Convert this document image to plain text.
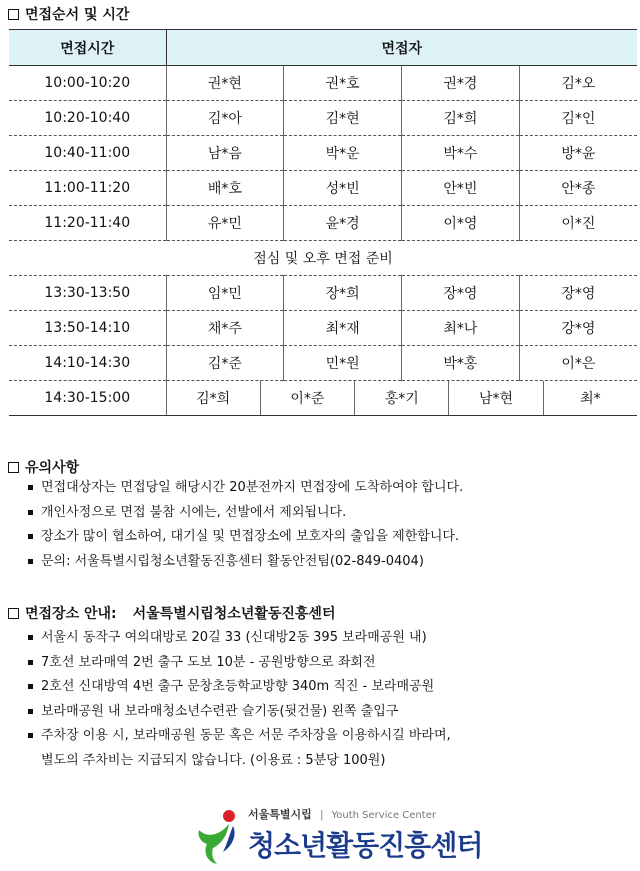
면접순서 및 시간
면접시간	면접자			
10:00-10:20	권*현	권*호	권*경	김*오
10:20-10:40	김*아	김*현	김*희	김*인
10:40-11:00	남*음	박*운	박*수	방*윤
11:00-11:20	배*호	성*빈	안*빈	안*종
11:20-11:40	유*민	윤*경	이*영	이*진
점심 및 오후 면접 준비				
13:30-13:50	임*민	장*희	장*영	장*영
13:50-14:10	채*주	최*재	최*나	강*영
14:10-14:30	김*준	민*원	박*홍	이*은
14:30-15:00	김*희 이*준 홍*기 남*현 최*			
유의사항
면접대상자는 면접당일 해당시간 20분전까지 면접장에 도착하여야 합니다.
개인사정으로 면접 불참 시에는, 선발에서 제외됩니다.
장소가 많이 협소하여, 대기실 및 면접장소에 보호자의 출입을 제한합니다.
문의: 서울특별시립청소년활동진흥센터 활동안전팀(02-849-0404)
면접장소 안내: 서울특별시립청소년활동진흥센터
서울시 동작구 여의대방로 20길 33 (신대방2동 395 보라매공원 내)
7호선 보라매역 2번 출구 도보 10분 - 공원방향으로 좌회전
2호선 신대방역 4번 출구 문창초등학교방향 340m 직진 - 보라매공원
보라매공원 내 보라매청소년수련관 슬기동(뒷건물) 왼쪽 출입구
주차장 이용 시, 보라매공원 동문 혹은 서문 주차장을 이용하시길 바라며,
별도의 주차비는 지급되지 않습니다. (이용료 : 5분당 100원)
서울특별시립 | Youth Service Center
청소년활동진흥센터
